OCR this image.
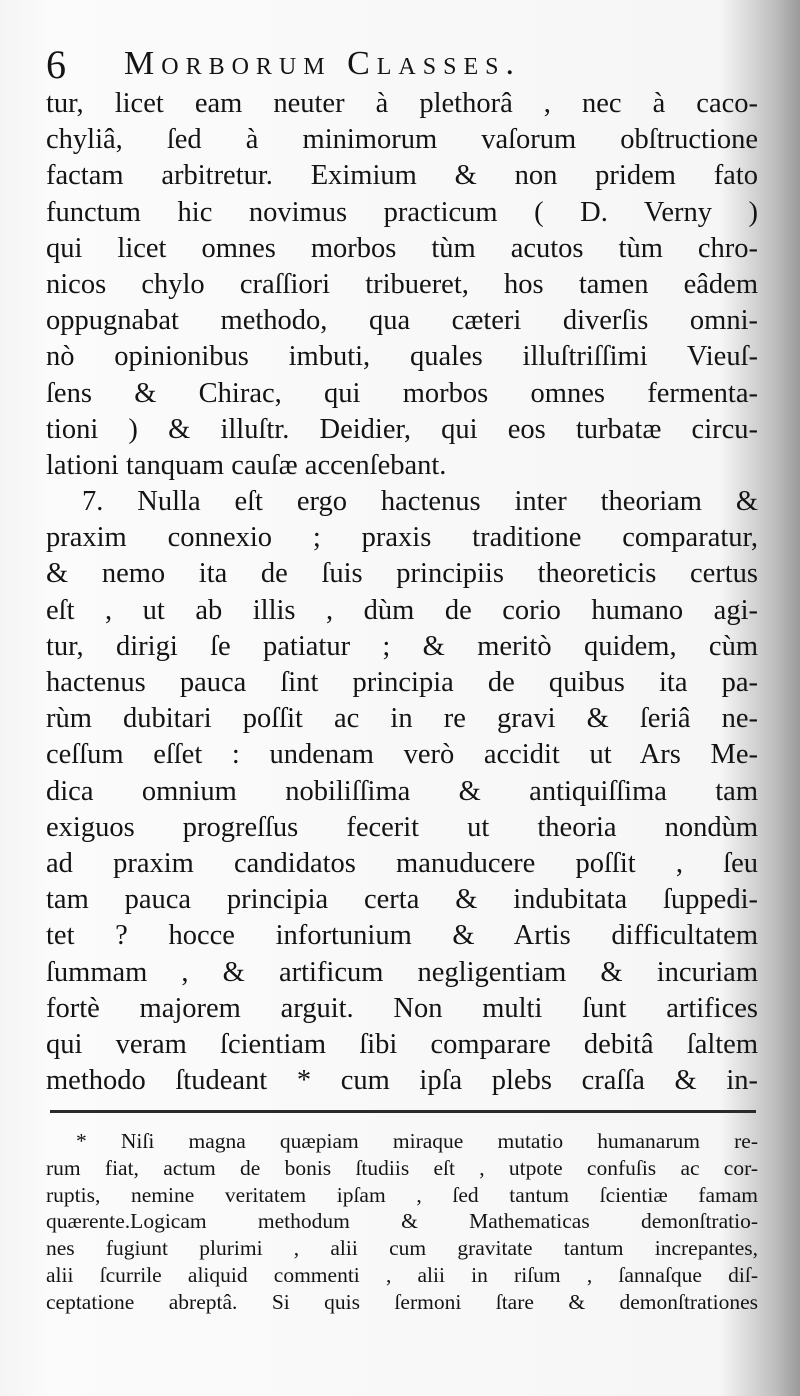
6 Morborum Classes.
tur, licet eam neuter à plethorâ , nec à caco-
chyliâ, ſed à minimorum vaſorum obſtructione
factam arbitretur. Eximium & non pridem fato
functum hic novimus practicum ( D. Verny )
qui licet omnes morbos tùm acutos tùm chro-
nicos chylo craſſiori tribueret, hos tamen eâdem
oppugnabat methodo, qua cæteri diverſis omni-
nò opinionibus imbuti, quales illuſtriſſimi Vieuſ-
ſens & Chirac, qui morbos omnes fermenta-
tioni ) & illuſtr. Deidier, qui eos turbatæ circu-
lationi tanquam cauſæ accenſebant.
7. Nulla eſt ergo hactenus inter theoriam &
praxim connexio ; praxis traditione comparatur,
& nemo ita de ſuis principiis theoreticis certus
eſt , ut ab illis , dùm de corio humano agi-
tur, dirigi ſe patiatur ; & meritò quidem, cùm
hactenus pauca ſint principia de quibus ita pa-
rùm dubitari poſſit ac in re gravi & ſeriâ ne-
ceſſum eſſet : undenam verò accidit ut Ars Me-
dica omnium nobiliſſima & antiquiſſima tam
exiguos progreſſus fecerit ut theoria nondùm
ad praxim candidatos manuducere poſſit , ſeu
tam pauca principia certa & indubitata ſuppedi-
tet ? hocce infortunium & Artis difficultatem
ſummam , & artificum negligentiam & incuriam
fortè majorem arguit. Non multi ſunt artifices
qui veram ſcientiam ſibi comparare debitâ ſaltem
methodo ſtudeant * cum ipſa plebs craſſa & in-
* Niſi magna quæpiam miraque mutatio humanarum re-
rum fiat, actum de bonis ſtudiis eſt , utpote confuſis ac cor-
ruptis, nemine veritatem ipſam , ſed tantum ſcientiæ famam
quærente.Logicam methodum & Mathematicas demonſtratio-
nes fugiunt plurimi , alii cum gravitate tantum increpantes,
alii ſcurrile aliquid commenti , alii in riſum , ſannaſque diſ-
ceptatione abreptâ. Si quis ſermoni ſtare & demonſtrationes
